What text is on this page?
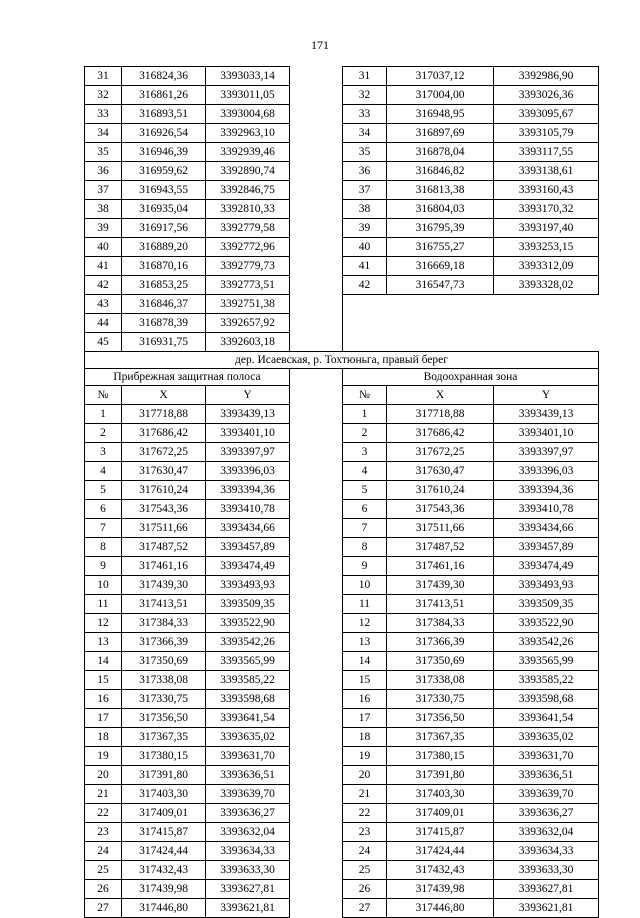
171
31	316824,36	3393033,14		31	317037,12	3392986,90
32	316861,26	3393011,05		32	317004,00	3393026,36
33	316893,51	3393004,68		33	316948,95	3393095,67
34	316926,54	3392963,10		34	316897,69	3393105,79
35	316946,39	3392939,46		35	316878,04	3393117,55
36	316959,62	3392890,74		36	316846,82	3393138,61
37	316943,55	3392846,75		37	316813,38	3393160,43
38	316935,04	3392810,33		38	316804,03	3393170,32
39	316917,56	3392779,58		39	316795,39	3393197,40
40	316889,20	3392772,96		40	316755,27	3393253,15
41	316870,16	3392779,73		41	316669,18	3393312,09
42	316853,25	3392773,51		42	316547,73	3393328,02
43	316846,37	3392751,38				
44	316878,39	3392657,92				
45	316931,75	3392603,18				
дер. Исаевская, р. Тохтюньга, правый берег						
Прибрежная защитная полоса				Водоохранная зона		
№	X	Y		№	X	Y
1	317718,88	3393439,13		1	317718,88	3393439,13
2	317686,42	3393401,10		2	317686,42	3393401,10
3	317672,25	3393397,97		3	317672,25	3393397,97
4	317630,47	3393396,03		4	317630,47	3393396,03
5	317610,24	3393394,36		5	317610,24	3393394,36
6	317543,36	3393410,78		6	317543,36	3393410,78
7	317511,66	3393434,66		7	317511,66	3393434,66
8	317487,52	3393457,89		8	317487,52	3393457,89
9	317461,16	3393474,49		9	317461,16	3393474,49
10	317439,30	3393493,93		10	317439,30	3393493,93
11	317413,51	3393509,35		11	317413,51	3393509,35
12	317384,33	3393522,90		12	317384,33	3393522,90
13	317366,39	3393542,26		13	317366,39	3393542,26
14	317350,69	3393565,99		14	317350,69	3393565,99
15	317338,08	3393585,22		15	317338,08	3393585,22
16	317330,75	3393598,68		16	317330,75	3393598,68
17	317356,50	3393641,54		17	317356,50	3393641,54
18	317367,35	3393635,02		18	317367,35	3393635,02
19	317380,15	3393631,70		19	317380,15	3393631,70
20	317391,80	3393636,51		20	317391,80	3393636,51
21	317403,30	3393639,70		21	317403,30	3393639,70
22	317409,01	3393636,27		22	317409,01	3393636,27
23	317415,87	3393632,04		23	317415,87	3393632,04
24	317424,44	3393634,33		24	317424,44	3393634,33
25	317432,43	3393633,30		25	317432,43	3393633,30
26	317439,98	3393627,81		26	317439,98	3393627,81
27	317446,80	3393621,81		27	317446,80	3393621,81
